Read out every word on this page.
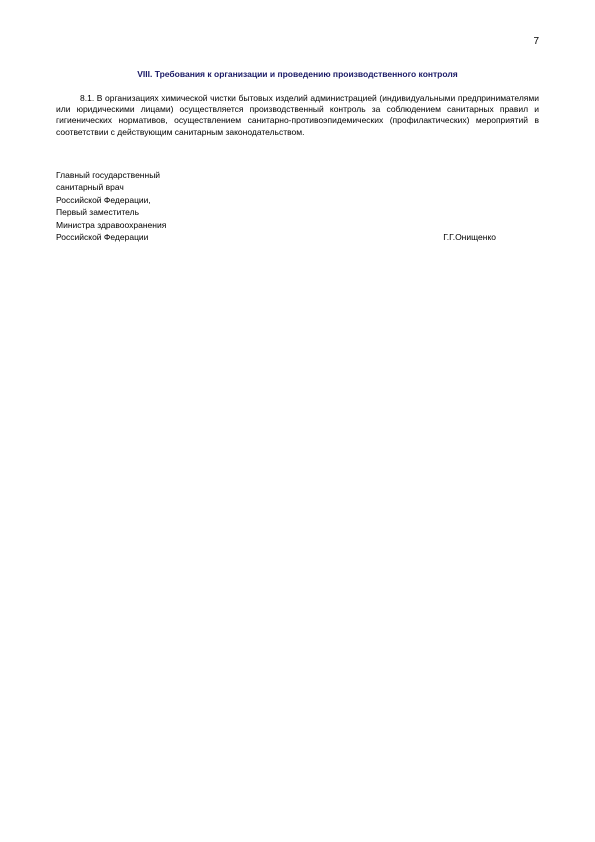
7
VIII. Требования к организации и проведению производственного контроля

8.1. В организациях химической чистки бытовых изделий администрацией (индивидуальными предпринимателями или юридическими лицами) осуществляется производственный контроль за соблюдением санитарных правил и гигиенических нормативов, осуществлением санитарно-противоэпидемических (профилактических) мероприятий в соответствии с действующим санитарным законодательством.

Главный государственный
санитарный врач
Российской Федерации,
Первый заместитель
Министра здравоохранения
Российской Федерации	Г.Г.Онищенко
